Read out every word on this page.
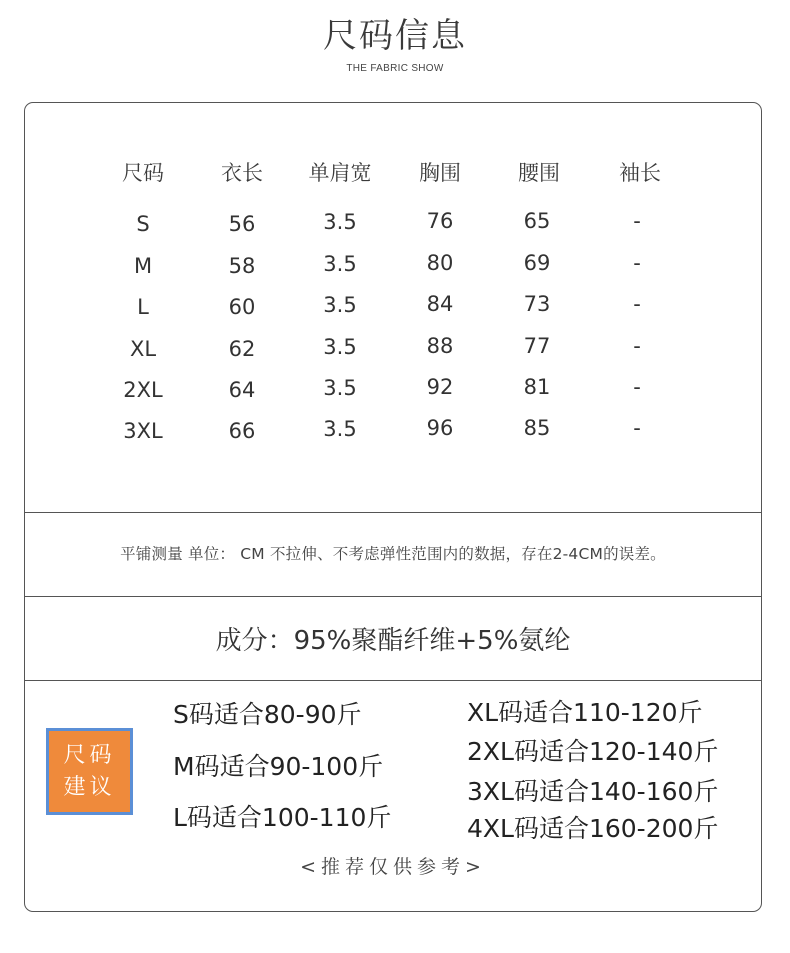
尺码信息
THE FABRIC SHOW
尺码	衣长	单肩宽	胸围	腰围	袖长
S	56	3.5	76	65	-
M	58	3.5	80	69	-
L	60	3.5	84	73	-
XL	62	3.5	88	77	-
2XL	64	3.5	92	81	-
3XL	66	3.5	96	85	-
平铺测量 单位： CM 不拉伸、不考虑弹性范围内的数据，存在2-4CM的误差。
成分：95%聚酯纤维+5%氨纶
尺码
建议
S码适合80-90斤
M码适合90-100斤
L码适合100-110斤
XL码适合110-120斤
2XL码适合120-140斤
3XL码适合140-160斤
4XL码适合160-200斤
<推荐仅供参考>
